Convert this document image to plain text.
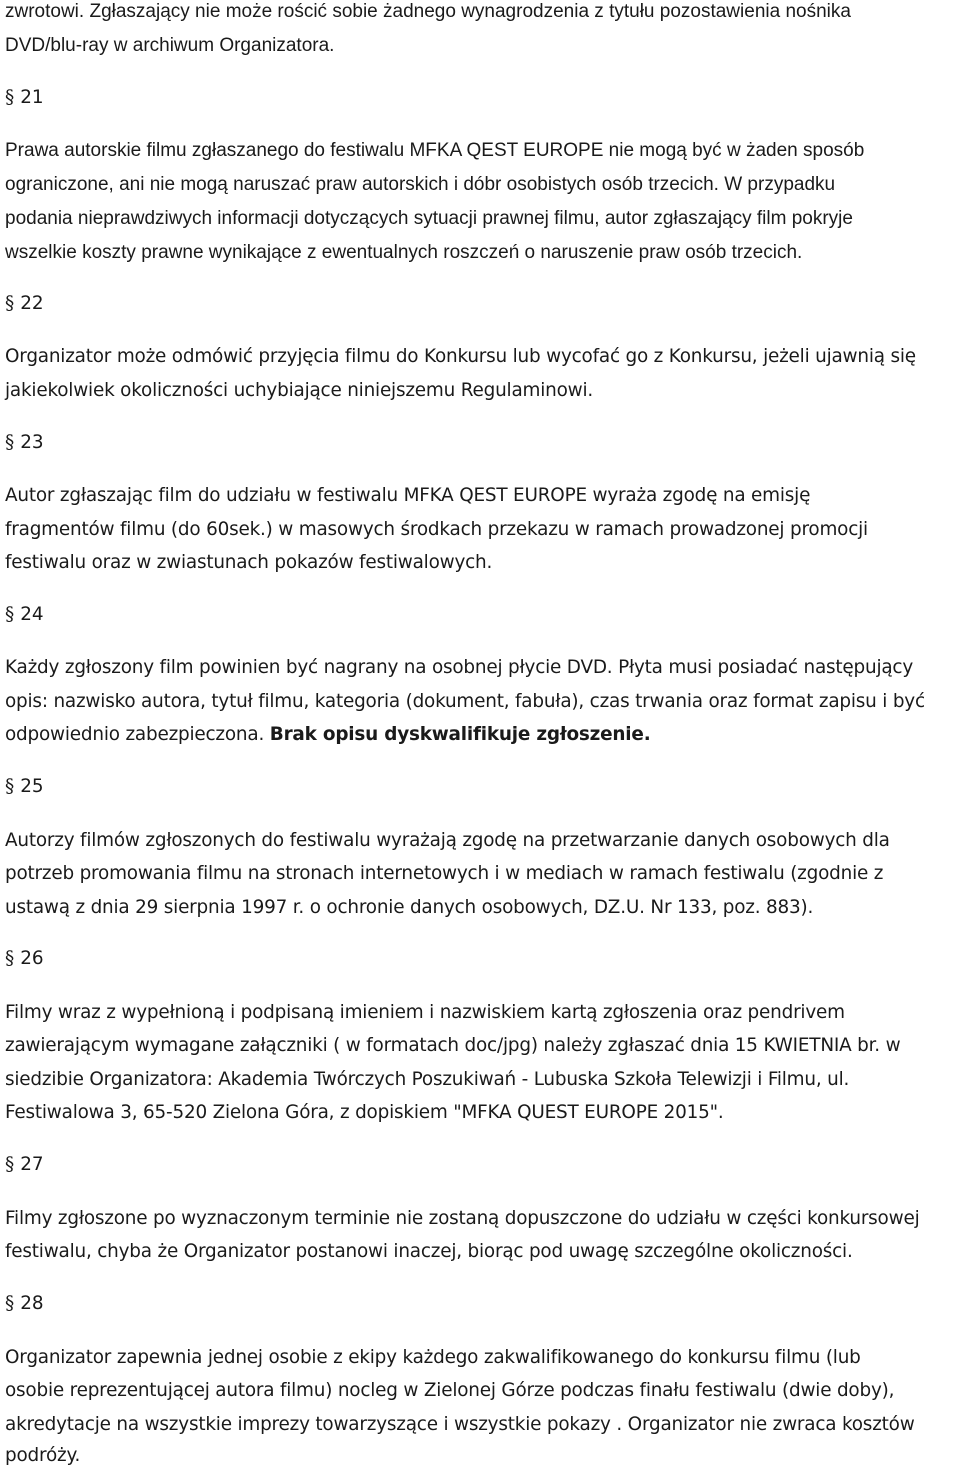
zwrotowi. Zgłaszający nie może rościć sobie żadnego wynagrodzenia z tytułu pozostawienia nośnika
DVD/blu-ray w archiwum Organizatora.
§ 21
Prawa autorskie filmu zgłaszanego do festiwalu MFKA QEST EUROPE nie mogą być w żaden sposób
ograniczone, ani nie mogą naruszać praw autorskich i dóbr osobistych osób trzecich. W przypadku
podania nieprawdziwych informacji dotyczących sytuacji prawnej filmu, autor zgłaszający film pokryje
wszelkie koszty prawne wynikające z ewentualnych roszczeń o naruszenie praw osób trzecich.
§ 22
Organizator może odmówić przyjęcia filmu do Konkursu lub wycofać go z Konkursu, jeżeli ujawnią się
jakiekolwiek okoliczności uchybiające niniejszemu Regulaminowi.
§ 23
Autor zgłaszając film do udziału w festiwalu MFKA QEST EUROPE wyraża zgodę na emisję
fragmentów filmu (do 60sek.) w masowych środkach przekazu w ramach prowadzonej promocji
festiwalu oraz w zwiastunach pokazów festiwalowych.
§ 24
Każdy zgłoszony film powinien być nagrany na osobnej płycie DVD. Płyta musi posiadać następujący
opis: nazwisko autora, tytuł filmu, kategoria (dokument, fabuła), czas trwania oraz format zapisu i być
odpowiednio zabezpieczona. Brak opisu dyskwalifikuje zgłoszenie.
§ 25
Autorzy filmów zgłoszonych do festiwalu wyrażają zgodę na przetwarzanie danych osobowych dla
potrzeb promowania filmu na stronach internetowych i w mediach w ramach festiwalu (zgodnie z
ustawą z dnia 29 sierpnia 1997 r. o ochronie danych osobowych, DZ.U. Nr 133, poz. 883).
§ 26
Filmy wraz z wypełnioną i podpisaną imieniem i nazwiskiem kartą zgłoszenia oraz pendrivem
zawierającym wymagane załączniki ( w formatach doc/jpg) należy zgłaszać dnia 15 KWIETNIA br. w
siedzibie Organizatora: Akademia Twórczych Poszukiwań - Lubuska Szkoła Telewizji i Filmu, ul.
Festiwalowa 3, 65-520 Zielona Góra, z dopiskiem "MFKA QUEST EUROPE 2015".
§ 27
Filmy zgłoszone po wyznaczonym terminie nie zostaną dopuszczone do udziału w części konkursowej
festiwalu, chyba że Organizator postanowi inaczej, biorąc pod uwagę szczególne okoliczności.
§ 28
Organizator zapewnia jednej osobie z ekipy każdego zakwalifikowanego do konkursu filmu (lub
osobie reprezentującej autora filmu) nocleg w Zielonej Górze podczas finału festiwalu (dwie doby),
akredytacje na wszystkie imprezy towarzyszące i wszystkie pokazy . Organizator nie zwraca kosztów
podróży.
